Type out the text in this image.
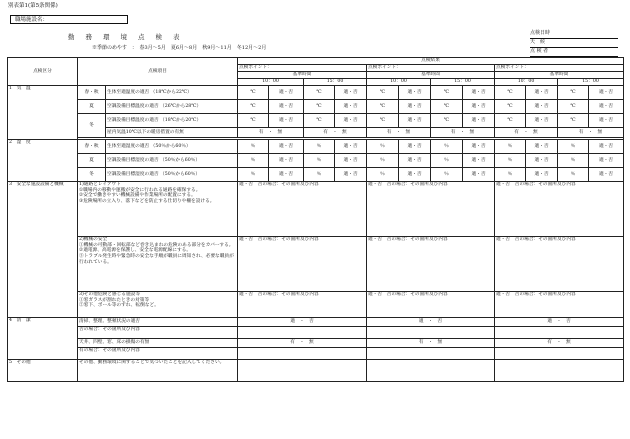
別表第1(第5条関係)
職場施設名：
勤務環境点検表
※季節のめやす　：　春3月～5月　夏6月～8月　秋9月～11月　冬12月～2月
点検日時
天　候
点 検 者
点検区分	点検項目		点検結果											
			点検ポイント：				点検ポイント：				点検ポイント：			
			基準時間				基準時間				基準時間			
			10：00		15：00		10：00		15：00		10：00		15：00	
1　気　温	春・秋	生体至適温度の適否 （18℃から22℃）	℃	適・否	℃	適・否	℃	適・否	℃	適・否	℃	適・否	℃	適・否
	夏	空調設備目標温度の適否 （26℃から28℃）	℃	適・否	℃	適・否	℃	適・否	℃	適・否	℃	適・否	℃	適・否
	冬	空調設備目標温度の適否 （18℃から20℃）	℃	適・否	℃	適・否	℃	適・否	℃	適・否	℃	適・否	℃	適・否
		屋内気温10℃以下の暖房措置の有無	有　・　無		有　・　無		有　・　無		有　・　無		有　・　無		有　・　無	

2　湿　度	春・秋	生体至適湿度の適否 （50％から60％）	％	適・否	％	適・否	％	適・否	％	適・否	％	適・否	％	適・否
	夏	空調設備目標湿度の適否 （50％から60％）	％	適・否	％	適・否	％	適・否	％	適・否	％	適・否	％	適・否
	冬	空調設備目標湿度の適否 （50％から60％）	％	適・否	％	適・否	％	適・否	％	適・否	％	適・否	％	適・否
3　安全な施設設備と機械	1)通路とレイアウト
①職場内の移動や運搬が安全に行われる通路を確保する。
②安全で働きやすい機械設備や作業場所の配置にする。
③危険場所の立入り、落下などを防止する仕切りや柵を設ける。		適・否　否の場合：その箇所及び内容				適・否　否の場合：その箇所及び内容				適・否　否の場合：その箇所及び内容			
	2)機械の安全
①機械の可動部・回転部など巻き込まれの危険のある部分をカバーする。
②適電源、高電源を保護し、安全な電源配線にする。
③トラブル発生時や緊急時の安全な手順が職員に周知され、必要な職員が行われている。		適・否　否の場合：その箇所及び内容				適・否　否の場合：その箇所及び内容				適・否　否の場合：その箇所及び内容			
	3)その他危険と感じる施設等
①窓ガラスが割れたときの対策等
②窓下、ポール等のずれ、転倒など。		適・否　否の場合：その箇所及び内容				適・否　否の場合：その箇所及び内容				適・否　否の場合：その箇所及び内容			
4　清　潔	清掃、整理、整頓状況の適否		適　・　否				適　・　否				適　・　否			
	否の場合：その箇所及び内容													
	天井、四壁、窓、床の損傷の有無		有　・　無				有　・　無				有　・　無			
	有の場合：その箇所及び内容													
5　その他	その他、勤務環境に関することで気づいたことを記入してください。													
